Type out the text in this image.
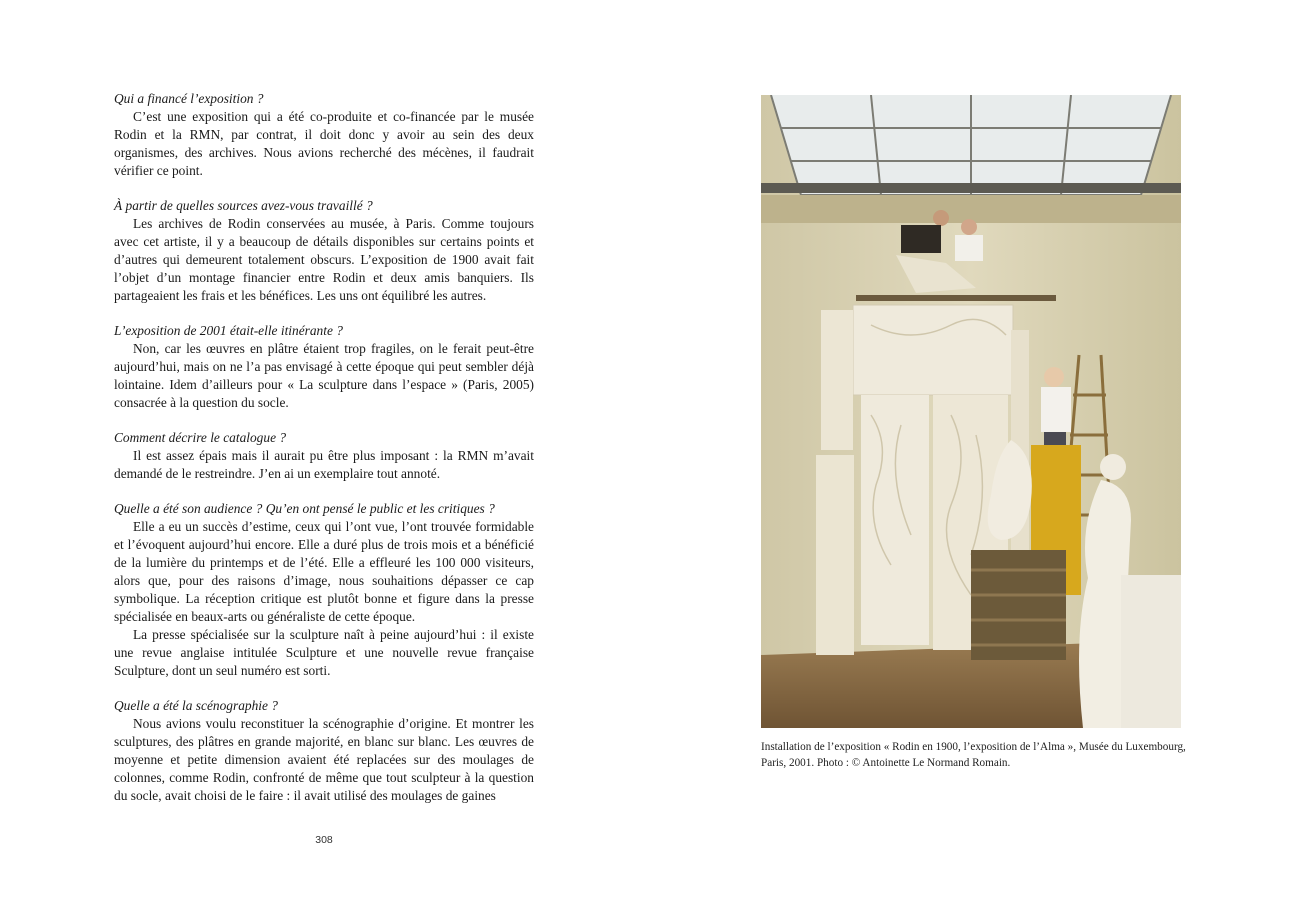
Qui a financé l’exposition ?

C’est une exposition qui a été co-produite et co-financée par le musée Rodin et la RMN, par contrat, il doit donc y avoir au sein des deux organismes, des archives. Nous avions recherché des mécènes, il faudrait vérifier ce point.

À partir de quelles sources avez-vous travaillé ?

Les archives de Rodin conservées au musée, à Paris. Comme toujours avec cet artiste, il y a beaucoup de détails disponibles sur certains points et d’autres qui demeurent totalement obscurs. L’exposition de 1900 avait fait l’objet d’un montage financier entre Rodin et deux amis banquiers. Ils partageaient les frais et les bénéfices. Les uns ont équilibré les autres.

L’exposition de 2001 était-elle itinérante ?

Non, car les œuvres en plâtre étaient trop fragiles, on le ferait peut-être aujourd’hui, mais on ne l’a pas envisagé à cette époque qui peut sembler déjà lointaine. Idem d’ailleurs pour « La sculpture dans l’espace » (Paris, 2005) consacrée à la question du socle.

Comment décrire le catalogue ?

Il est assez épais mais il aurait pu être plus imposant : la RMN m’avait demandé de le restreindre. J’en ai un exemplaire tout annoté.

Quelle a été son audience ? Qu’en ont pensé le public et les critiques ?

Elle a eu un succès d’estime, ceux qui l’ont vue, l’ont trouvée formidable et l’évoquent aujourd’hui encore. Elle a duré plus de trois mois et a bénéficié de la lumière du printemps et de l’été. Elle a effleuré les 100 000 visiteurs, alors que, pour des raisons d’image, nous souhaitions dépasser ce cap symbolique. La réception critique est plutôt bonne et figure dans la presse spécialisée en beaux-arts ou généraliste de cette époque.

La presse spécialisée sur la sculpture naît à peine aujourd’hui : il existe une revue anglaise intitulée Sculpture et une nouvelle revue française Sculpture, dont un seul numéro est sorti.

Quelle a été la scénographie ?

Nous avions voulu reconstituer la scénographie d’origine. Et montrer les sculptures, des plâtres en grande majorité, en blanc sur blanc. Les œuvres de moyenne et petite dimension avaient été replacées sur des moulages de colonnes, comme Rodin, confronté de même que tout sculpteur à la question du socle, avait choisi de le faire : il avait utilisé des moulages de gaines

308
Installation de l’exposition « Rodin en 1900, l’exposition de l’Alma », Musée du Luxembourg, Paris, 2001. Photo : © Antoinette Le Normand Romain.
